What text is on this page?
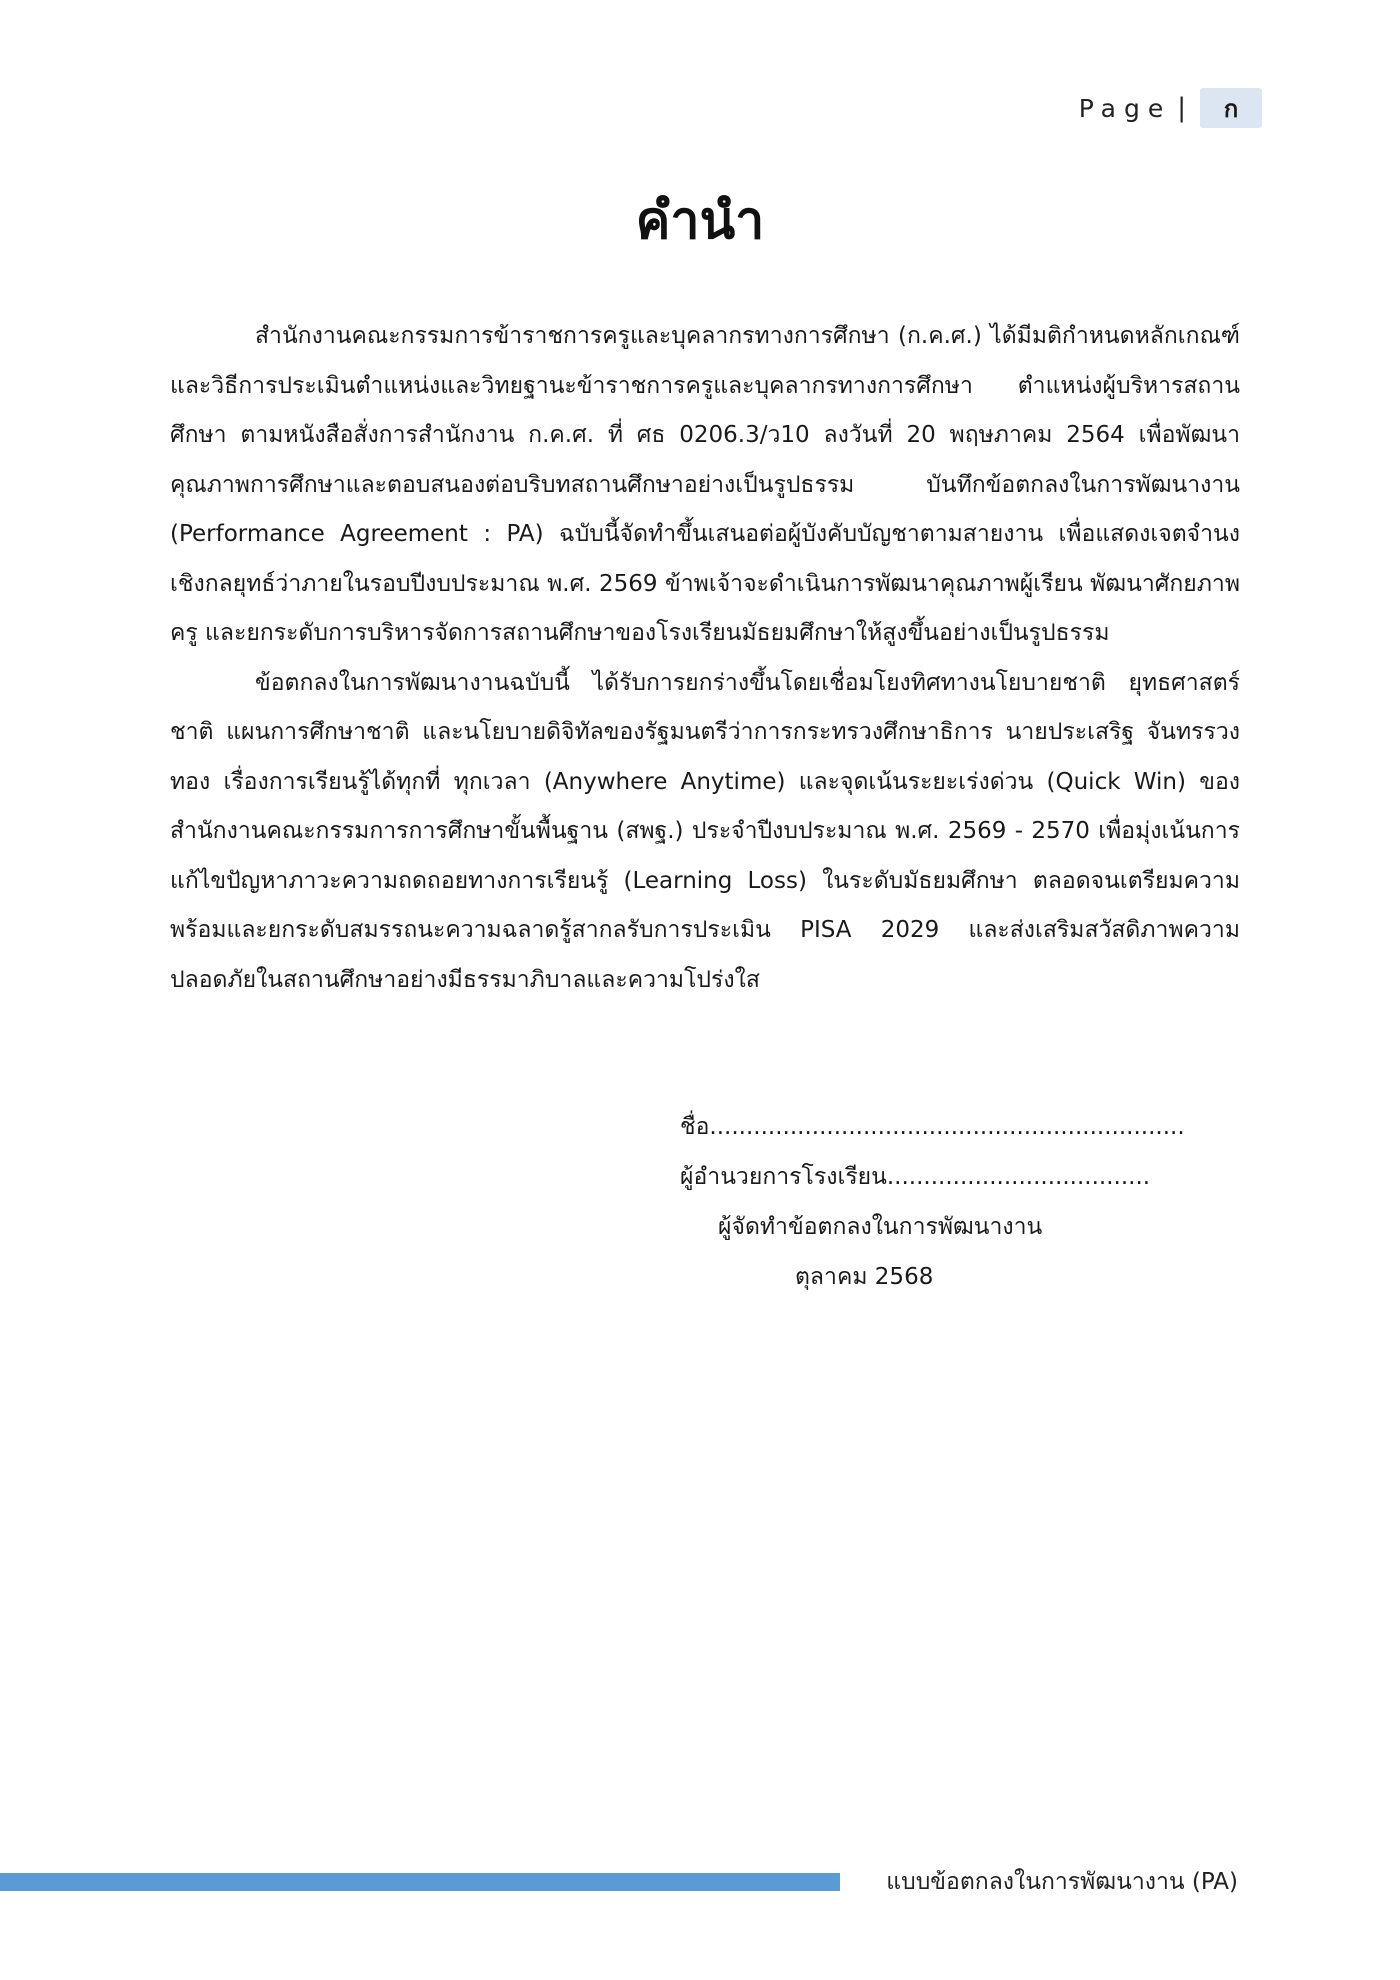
Page |	ก
คำนำ

สำนักงานคณะกรรมการข้าราชการครูและบุคลากรทางการศึกษา (ก.ค.ศ.) ได้มีมติกำหนดหลักเกณฑ์และวิธีการประเมินตำแหน่งและวิทยฐานะข้าราชการครูและบุคลากรทางการศึกษา ตำแหน่งผู้บริหารสถานศึกษา ตามหนังสือสั่งการสำนักงาน ก.ค.ศ. ที่ ศธ 0206.3/ว10 ลงวันที่ 20 พฤษภาคม 2564 เพื่อพัฒนาคุณภาพการศึกษาและตอบสนองต่อบริบทสถานศึกษาอย่างเป็นรูปธรรม บันทึกข้อตกลงในการพัฒนางาน (Performance Agreement : PA) ฉบับนี้จัดทำขึ้นเสนอต่อผู้บังคับบัญชาตามสายงาน เพื่อแสดงเจตจำนงเชิงกลยุทธ์ว่าภายในรอบปีงบประมาณ พ.ศ. 2569 ข้าพเจ้าจะดำเนินการพัฒนาคุณภาพผู้เรียน พัฒนาศักยภาพครู และยกระดับการบริหารจัดการสถานศึกษาของโรงเรียนมัธยมศึกษาให้สูงขึ้นอย่างเป็นรูปธรรม

ข้อตกลงในการพัฒนางานฉบับนี้ ได้รับการยกร่างขึ้นโดยเชื่อมโยงทิศทางนโยบายชาติ ยุทธศาสตร์ชาติ แผนการศึกษาชาติ และนโยบายดิจิทัลของรัฐมนตรีว่าการกระทรวงศึกษาธิการ นายประเสริฐ จันทรรวงทอง เรื่องการเรียนรู้ได้ทุกที่ ทุกเวลา (Anywhere Anytime) และจุดเน้นระยะเร่งด่วน (Quick Win) ของสำนักงานคณะกรรมการการศึกษาขั้นพื้นฐาน (สพฐ.) ประจำปีงบประมาณ พ.ศ. 2569 - 2570 เพื่อมุ่งเน้นการแก้ไขปัญหาภาวะความถดถอยทางการเรียนรู้ (Learning Loss) ในระดับมัธยมศึกษา ตลอดจนเตรียมความพร้อมและยกระดับสมรรถนะความฉลาดรู้สากลรับการประเมิน PISA 2029 และส่งเสริมสวัสดิภาพความปลอดภัยในสถานศึกษาอย่างมีธรรมาภิบาลและความโปร่งใส

ชื่อ.................................................................
ผู้อำนวยการโรงเรียน....................................
ผู้จัดทำข้อตกลงในการพัฒนางาน
ตุลาคม 2568
แบบข้อตกลงในการพัฒนางาน (PA)
